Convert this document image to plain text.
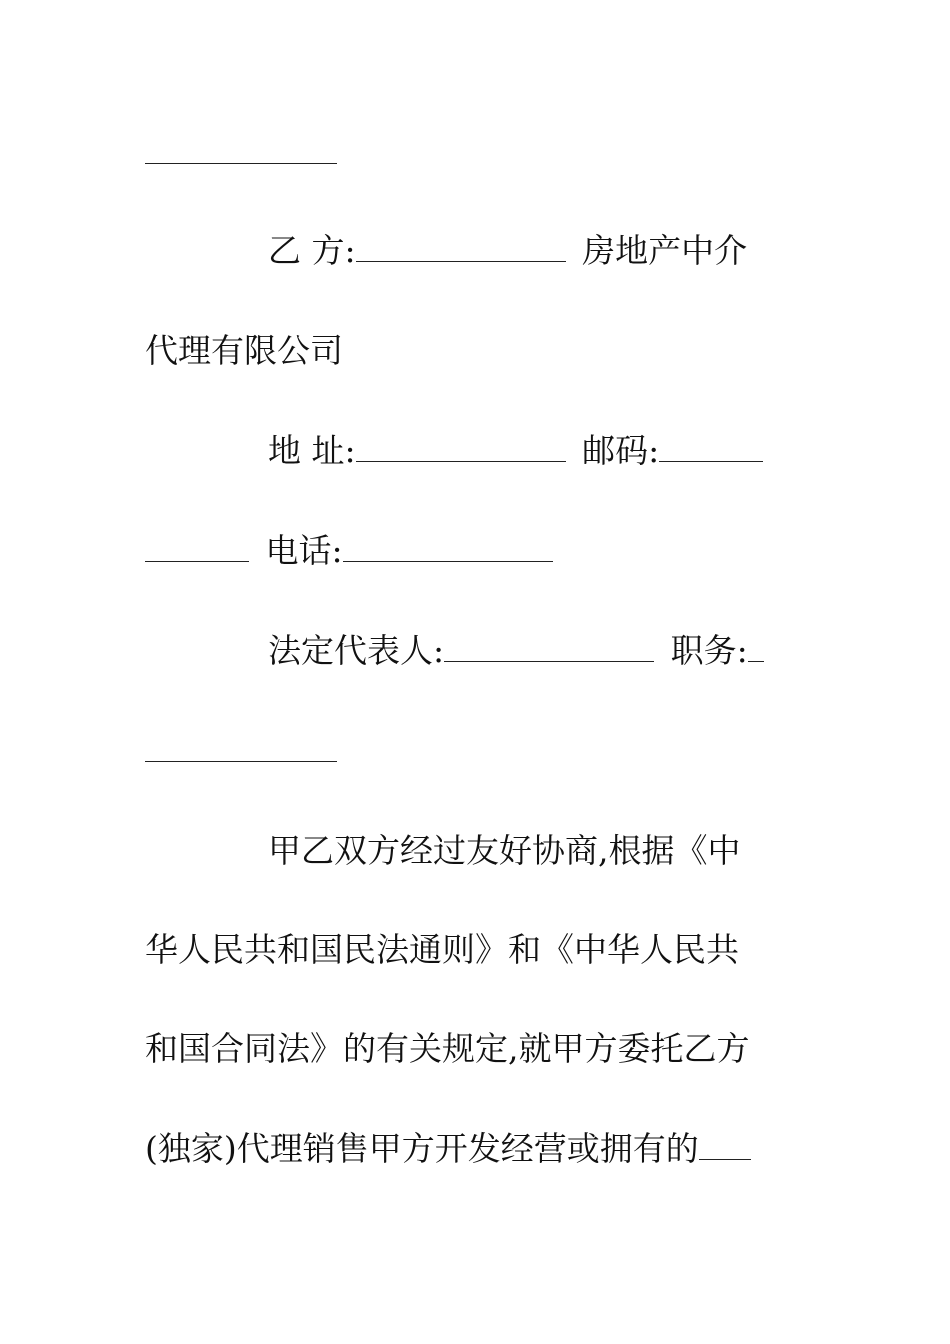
乙 方:	房地产中介
代理有限公司
地 址:	邮码:
电话:
法定代表人:	职务:
甲乙双方经过友好协商,根据《中
华人民共和国民法通则》和《中华人民共
和国合同法》的有关规定,就甲方委托乙方
(独家)代理销售甲方开发经营或拥有的
